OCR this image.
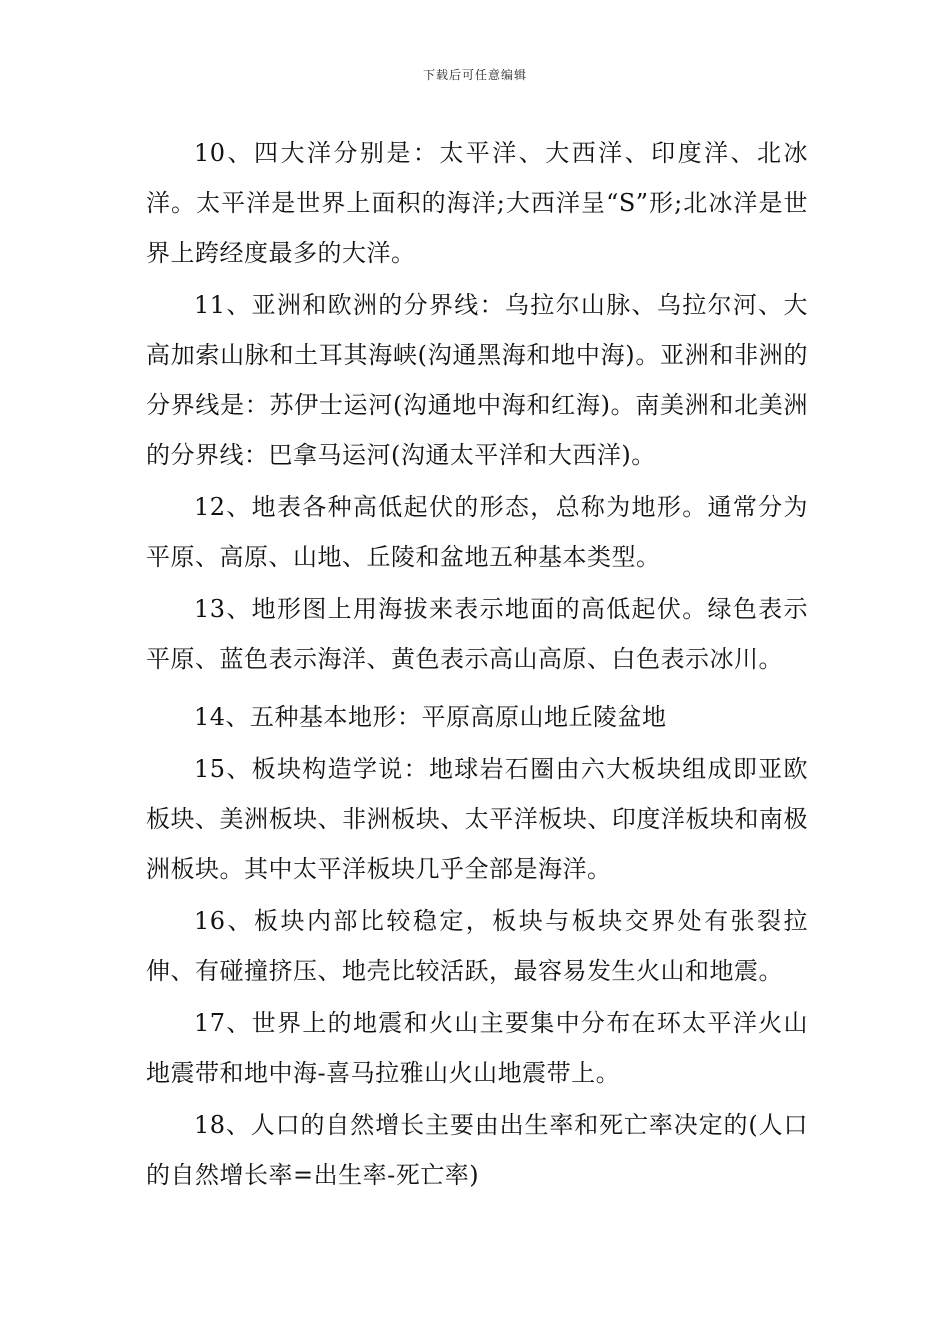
下载后可任意编辑

10、四大洋分别是：太平洋、大西洋、印度洋、北冰洋。太平洋是世界上面积的海洋;大西洋呈“S”形;北冰洋是世界上跨经度最多的大洋。

11、亚洲和欧洲的分界线：乌拉尔山脉、乌拉尔河、大高加索山脉和土耳其海峡(沟通黑海和地中海)。亚洲和非洲的分界线是：苏伊士运河(沟通地中海和红海)。南美洲和北美洲的分界线：巴拿马运河(沟通太平洋和大西洋)。

12、地表各种高低起伏的形态，总称为地形。通常分为平原、高原、山地、丘陵和盆地五种基本类型。

13、地形图上用海拔来表示地面的高低起伏。绿色表示平原、蓝色表示海洋、黄色表示高山高原、白色表示冰川。

14、五种基本地形：平原高原山地丘陵盆地

15、板块构造学说：地球岩石圈由六大板块组成即亚欧板块、美洲板块、非洲板块、太平洋板块、印度洋板块和南极洲板块。其中太平洋板块几乎全部是海洋。

16、板块内部比较稳定，板块与板块交界处有张裂拉伸、有碰撞挤压、地壳比较活跃，最容易发生火山和地震。

17、世界上的地震和火山主要集中分布在环太平洋火山地震带和地中海-喜马拉雅山火山地震带上。

18、人口的自然增长主要由出生率和死亡率决定的(人口的自然增长率=出生率-死亡率)
